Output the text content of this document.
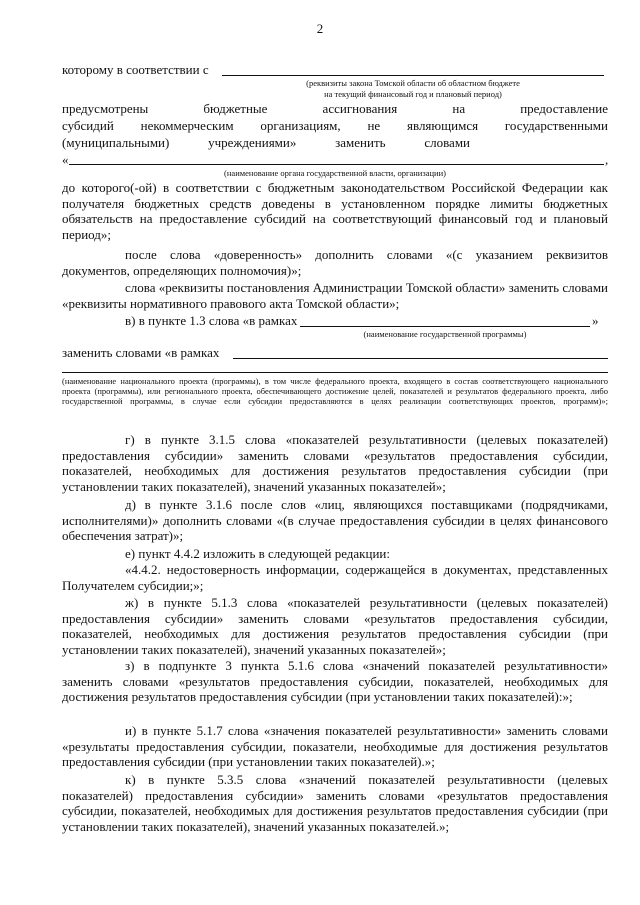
2
которому в соответствии с
(реквизиты закона Томской области об областном бюджете
на текущий финансовый год и плановый период)
предусмотрены бюджетные ассигнования на предоставление
субсидий некоммерческим организациям, не являющимся государственными
(муниципальными) учреждениями» заменить словами
«	,
(наименование органа государственной власти, организации)
до которого(-ой) в соответствии с бюджетным законодательством Российской Федерации как получателя бюджетных средств доведены в установленном порядке лимиты бюджетных обязательств на предоставление субсидий на соответствующий финансовый год и плановый период»;
после слова «доверенность» дополнить словами «(с указанием реквизитов документов, определяющих полномочия)»;
слова «реквизиты постановления Администрации Томской области» заменить словами «реквизиты нормативного правового акта Томской области»;
в) в пункте 1.3 слова «в рамках	»
(наименование государственной программы)
заменить словами «в рамках
(наименование национального проекта (программы), в том числе федерального проекта, входящего в состав соответствующего национального проекта (программы), или регионального проекта, обеспечивающего достижение целей, показателей и результатов федерального проекта, либо государственной программы, в случае если субсидии предоставляются в целях реализации соответствующих проектов, программ)»;
г) в пункте 3.1.5 слова «показателей результативности (целевых показателей) предоставления субсидии» заменить словами «результатов предоставления субсидии, показателей, необходимых для достижения результатов предоставления субсидии (при установлении таких показателей), значений указанных показателей»;
д) в пункте 3.1.6 после слов «лиц, являющихся поставщиками (подрядчиками, исполнителями)» дополнить словами «(в случае предоставления субсидии в целях финансового обеспечения затрат)»;
е) пункт 4.4.2 изложить в следующей редакции:
«4.4.2. недостоверность информации, содержащейся в документах, представленных Получателем субсидии;»;
ж) в пункте 5.1.3 слова «показателей результативности (целевых показателей) предоставления субсидии» заменить словами «результатов предоставления субсидии, показателей, необходимых для достижения результатов предоставления субсидии (при установлении таких показателей), значений указанных показателей»;
з) в подпункте 3 пункта 5.1.6 слова «значений показателей результативности» заменить словами «результатов предоставления субсидии, показателей, необходимых для достижения результатов предоставления субсидии (при установлении таких показателей):»;
и) в пункте 5.1.7 слова «значения показателей результативности» заменить словами «результаты предоставления субсидии, показатели, необходимые для достижения результатов предоставления субсидии (при установлении таких показателей).»;
к) в пункте 5.3.5 слова «значений показателей результативности (целевых показателей) предоставления субсидии» заменить словами «результатов предоставления субсидии, показателей, необходимых для достижения результатов предоставления субсидии (при установлении таких показателей), значений указанных показателей.»;
